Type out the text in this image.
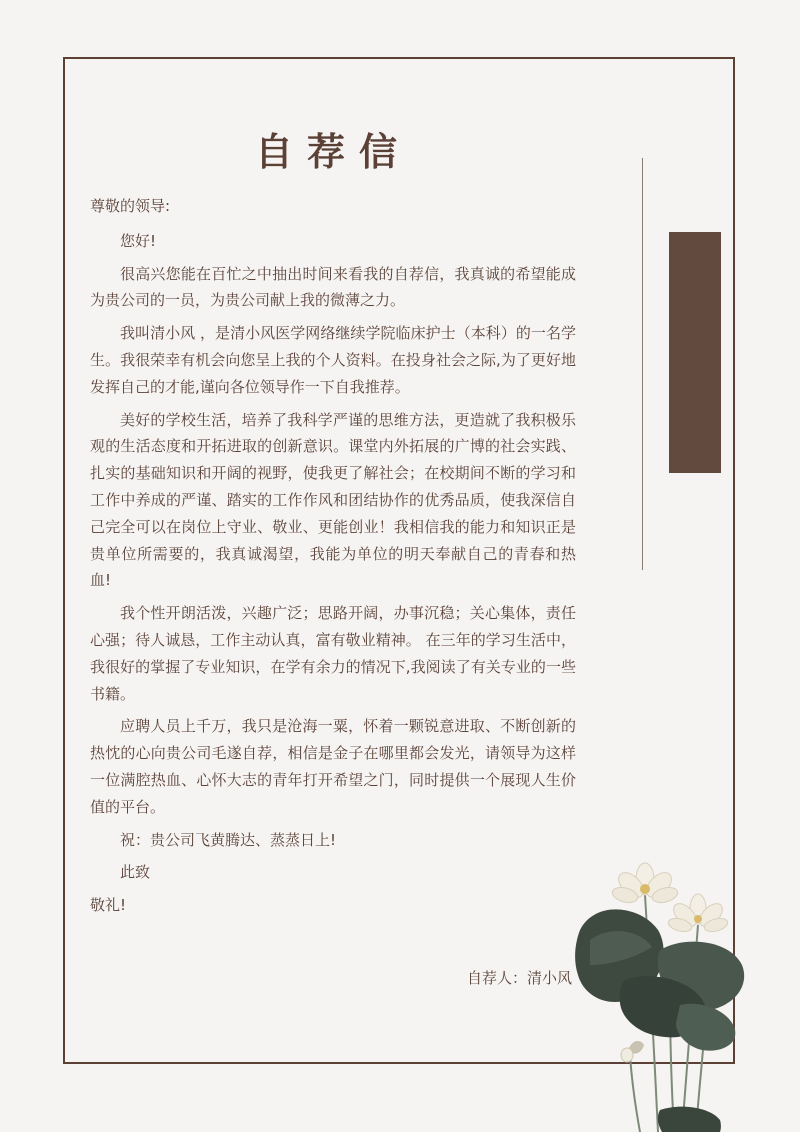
自荐信

尊敬的领导:

您好!

很高兴您能在百忙之中抽出时间来看我的自荐信，我真诚的希望能成为贵公司的一员，为贵公司献上我的微薄之力。

我叫清小风 ，是清小风医学网络继续学院临床护士（本科）的一名学生。我很荣幸有机会向您呈上我的个人资料。在投身社会之际,为了更好地发挥自己的才能,谨向各位领导作一下自我推荐。

美好的学校生活，培养了我科学严谨的思维方法，更造就了我积极乐观的生活态度和开拓进取的创新意识。课堂内外拓展的广博的社会实践、扎实的基础知识和开阔的视野，使我更了解社会；在校期间不断的学习和工作中养成的严谨、踏实的工作作风和团结协作的优秀品质，使我深信自己完全可以在岗位上守业、敬业、更能创业！我相信我的能力和知识正是贵单位所需要的，我真诚渴望，我能为单位的明天奉献自己的青春和热血!

我个性开朗活泼，兴趣广泛；思路开阔，办事沉稳；关心集体，责任心强；待人诚恳，工作主动认真，富有敬业精神。 在三年的学习生活中，我很好的掌握了专业知识，在学有余力的情况下,我阅读了有关专业的一些书籍。

应聘人员上千万，我只是沧海一粟，怀着一颗锐意进取、不断创新的热忱的心向贵公司毛遂自荐，相信是金子在哪里都会发光，请领导为这样一位满腔热血、心怀大志的青年打开希望之门，同时提供一个展现人生价值的平台。

祝：贵公司飞黄腾达、蒸蒸日上!

此致

敬礼!

自荐人：清小风
